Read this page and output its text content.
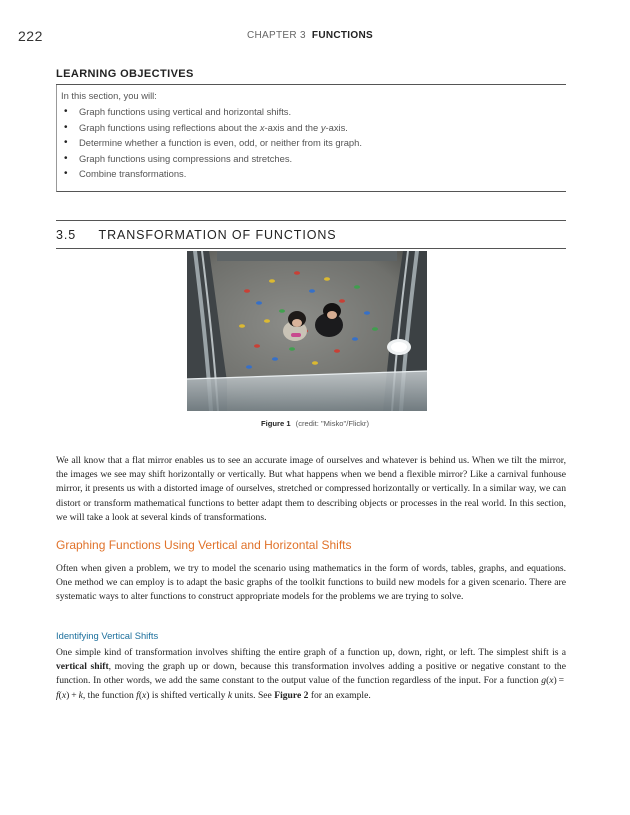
222	CHAPTER 3 FUNCTIONS
LEARNING OBJECTIVES

In this section, you will:

• Graph functions using vertical and horizontal shifts.
• Graph functions using reflections about the x-axis and the y-axis.
• Determine whether a function is even, odd, or neither from its graph.
• Graph functions using compressions and stretches.
• Combine transformations.
3.5 TRANSFORMATION OF FUNCTIONS
Figure 1 (credit: "Misko"/Flickr)

We all know that a flat mirror enables us to see an accurate image of ourselves and whatever is behind us. When we tilt the mirror, the images we see may shift horizontally or vertically. But what happens when we bend a flexible mirror? Like a carnival funhouse mirror, it presents us with a distorted image of ourselves, stretched or compressed horizontally or vertically. In a similar way, we can distort or transform mathematical functions to better adapt them to describing objects or processes in the real world. In this section, we will take a look at several kinds of transformations.

Graphing Functions Using Vertical and Horizontal Shifts

Often when given a problem, we try to model the scenario using mathematics in the form of words, tables, graphs, and equations. One method we can employ is to adapt the basic graphs of the toolkit functions to build new models for a given scenario. There are systematic ways to alter functions to construct appropriate models for the problems we are trying to solve.

Identifying Vertical Shifts

One simple kind of transformation involves shifting the entire graph of a function up, down, right, or left. The simplest shift is a vertical shift, moving the graph up or down, because this transformation involves adding a positive or negative constant to the function. In other words, we add the same constant to the output value of the function regardless of the input. For a function g(x) = f(x) + k, the function f(x) is shifted vertically k units. See Figure 2 for an example.
